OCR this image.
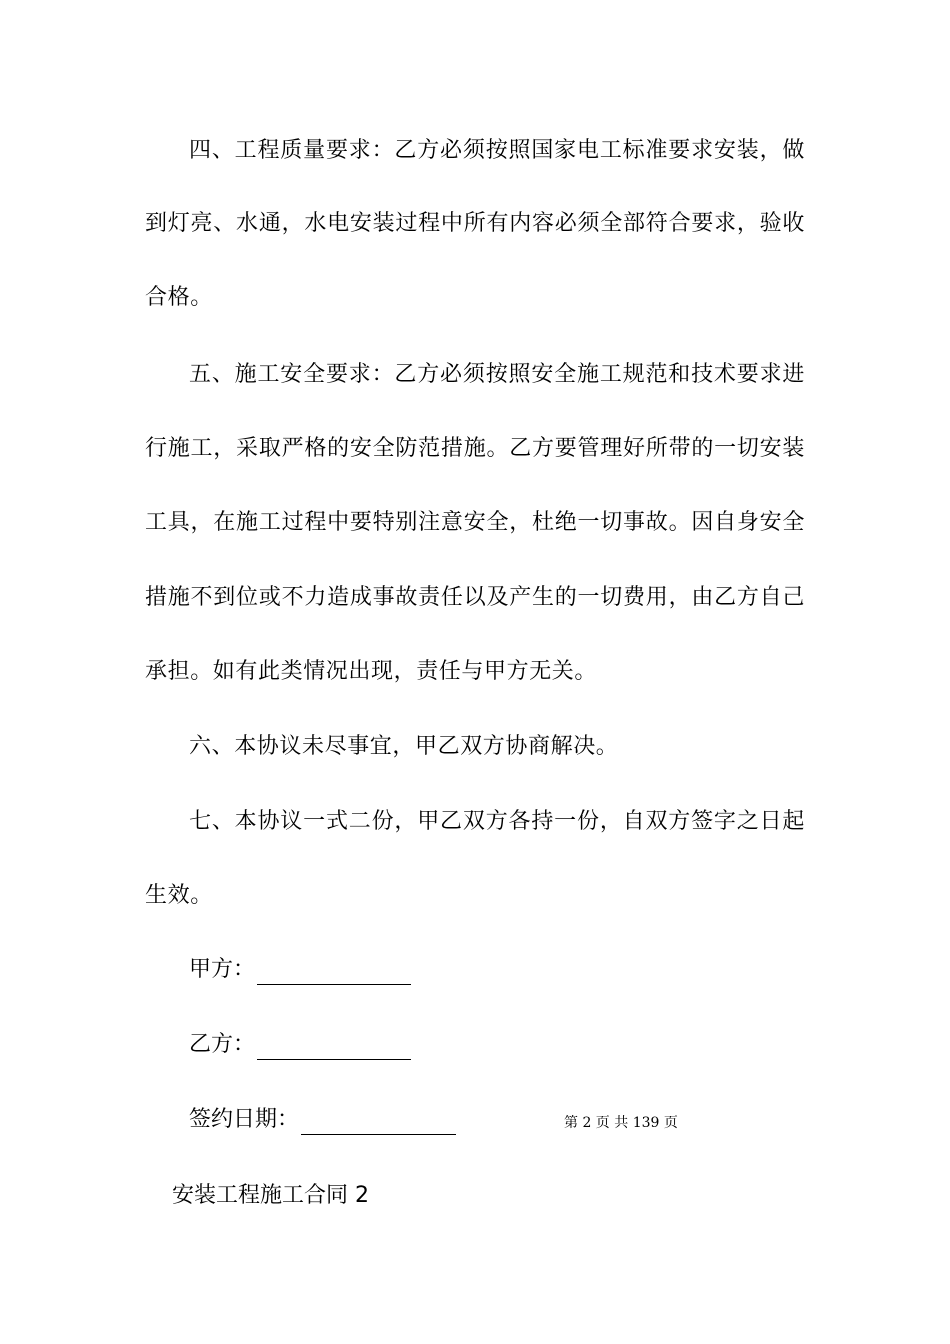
四、工程质量要求：乙方必须按照国家电工标准要求安装，做
到灯亮、水通，水电安装过程中所有内容必须全部符合要求，验收
合格。
五、施工安全要求：乙方必须按照安全施工规范和技术要求进
行施工，采取严格的安全防范措施。乙方要管理好所带的一切安装
工具，在施工过程中要特别注意安全，杜绝一切事故。因自身安全
措施不到位或不力造成事故责任以及产生的一切费用，由乙方自己
承担。如有此类情况出现，责任与甲方无关。
六、本协议未尽事宜，甲乙双方协商解决。
七、本协议一式二份，甲乙双方各持一份，自双方签字之日起
生效。
甲方：
乙方：
签约日期：	第 2 页 共 139 页
安装工程施工合同 2
